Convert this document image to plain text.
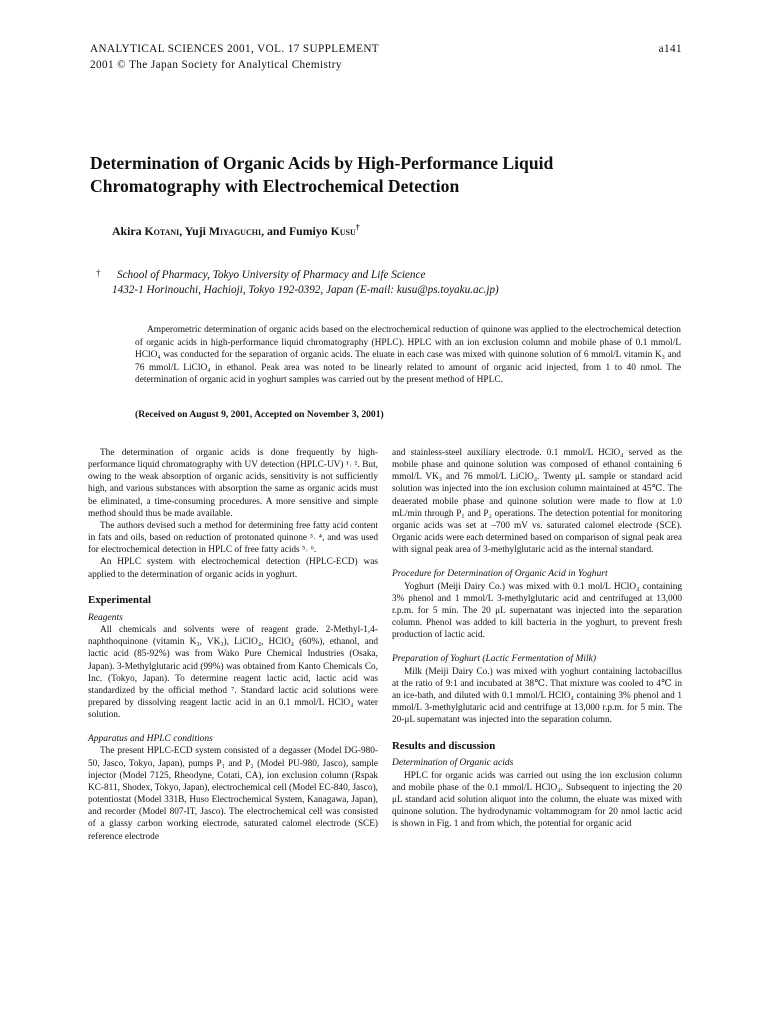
ANALYTICAL SCIENCES 2001, VOL. 17 SUPPLEMENT
2001 © The Japan Society for Analytical Chemistry
a141
Determination of Organic Acids by High-Performance Liquid
Chromatography with Electrochemical Detection
Akira Kotani, Yuji Miyaguchi, and Fumiyo Kusu†
† School of Pharmacy, Tokyo University of Pharmacy and Life Science
1432-1 Horinouchi, Hachioji, Tokyo 192-0392, Japan (E-mail: kusu@ps.toyaku.ac.jp)
Amperometric determination of organic acids based on the electrochemical reduction of quinone was applied to the electrochemical detection of organic acids in high-performance liquid chromatography (HPLC). HPLC with an ion exclusion column and mobile phase of 0.1 mmol/L HClO₄ was conducted for the separation of organic acids. The eluate in each case was mixed with quinone solution of 6 mmol/L vitamin K₃ and 76 mmol/L LiClO₄ in ethanol. Peak area was noted to be linearly related to amount of organic acid injected, from 1 to 40 nmol. The determination of organic acid in yoghurt samples was carried out by the present method of HPLC.
(Received on August 9, 2001, Accepted on November 3, 2001)

The determination of organic acids is done frequently by high-performance liquid chromatography with UV detection (HPLC-UV) ¹˒ ². But, owing to the weak absorption of organic acids, sensitivity is not sufficiently high, and various substances with absorption the same as organic acids must be eliminated, a time-consuming procedures. A more sensitive and simple method should thus be made available.

The authors devised such a method for determining free fatty acid content in fats and oils, based on reduction of protonated quinone ³˒ ⁴, and was used for electrochemical detection in HPLC of free fatty acids ⁵˒ ⁶.

An HPLC system with electrochemical detection (HPLC-ECD) was applied to the determination of organic acids in yoghurt.

Experimental
Reagents

All chemicals and solvents were of reagent grade. 2-Methyl-1,4-naphthoquinone (vitamin K₃, VK₃), LiClO₄, HClO₄ (60%), ethanol, and lactic acid (85-92%) was from Wako Pure Chemical Industries (Osaka, Japan). 3-Methylglutaric acid (99%) was obtained from Kanto Chemicals Co, Inc. (Tokyo, Japan). To determine reagent lactic acid, lactic acid was standardized by the official method ⁷. Standard lactic acid solutions were prepared by dissolving reagent lactic acid in an 0.1 mmol/L HClO₄ water solution.

Apparatus and HPLC conditions

The present HPLC-ECD system consisted of a degasser (Model DG-980-50, Jasco, Tokyo, Japan), pumps P₁ and P₂ (Model PU-980, Jasco), sample injector (Model 7125, Rheodyne, Cotati, CA), ion exclusion column (Rspak KC-811, Shodex, Tokyo, Japan), electrochemical cell (Model EC-840, Jasco), potentiostat (Model 331B, Huso Electrochemical System, Kanagawa, Japan), and recorder (Model 807-IT, Jasco). The electrochemical cell was consisted of a glassy carbon working electrode, saturated calomel electrode (SCE) reference electrode

and stainless-steel auxiliary electrode. 0.1 mmol/L HClO₄ served as the mobile phase and quinone solution was composed of ethanol containing 6 mmol/L VK₃ and 76 mmol/L LiClO₄. Twenty μL sample or standard acid solution was injected into the ion exclusion column maintained at 45℃. The deaerated mobile phase and quinone solution were made to flow at 1.0 mL/min through P₁ and P₂ operations. The detection potential for monitoring organic acids was set at –700 mV vs. saturated calomel electrode (SCE). Organic acids were each determined based on comparison of signal peak area with signal peak area of 3-methylglutaric acid as the internal standard.

Procedure for Determination of Organic Acid in Yoghurt

Yoghurt (Meiji Dairy Co.) was mixed with 0.1 mol/L HClO₄ containing 3% phenol and 1 mmol/L 3-methylglutaric acid and centrifuged at 13,000 r.p.m. for 5 min. The 20 μL supernatant was injected into the separation column. Phenol was added to kill bacteria in the yoghurt, to prevent fresh production of lactic acid.

Preparation of Yoghurt (Lactic Fermentation of Milk)

Milk (Meiji Dairy Co.) was mixed with yoghurt containing lactobacillus at the ratio of 9:1 and incubated at 38℃. That mixture was cooled to 4℃ in an ice-bath, and diluted with 0.1 mmol/L HClO₄ containing 3% phenol and 1 mmol/L 3-methylglutaric acid and centrifuge at 13,000 r.p.m. for 5 min. The 20-μL supernatant was injected into the separation column.

Results and discussion
Determination of Organic acids

HPLC for organic acids was carried out using the ion exclusion column and mobile phase of the 0.1 mmol/L HClO₄. Subsequent to injecting the 20 μL standard acid solution aliquot into the column, the eluate was mixed with quinone solution. The hydrodynamic voltammogram for 20 nmol lactic acid is shown in Fig. 1 and from which, the potential for organic acid
